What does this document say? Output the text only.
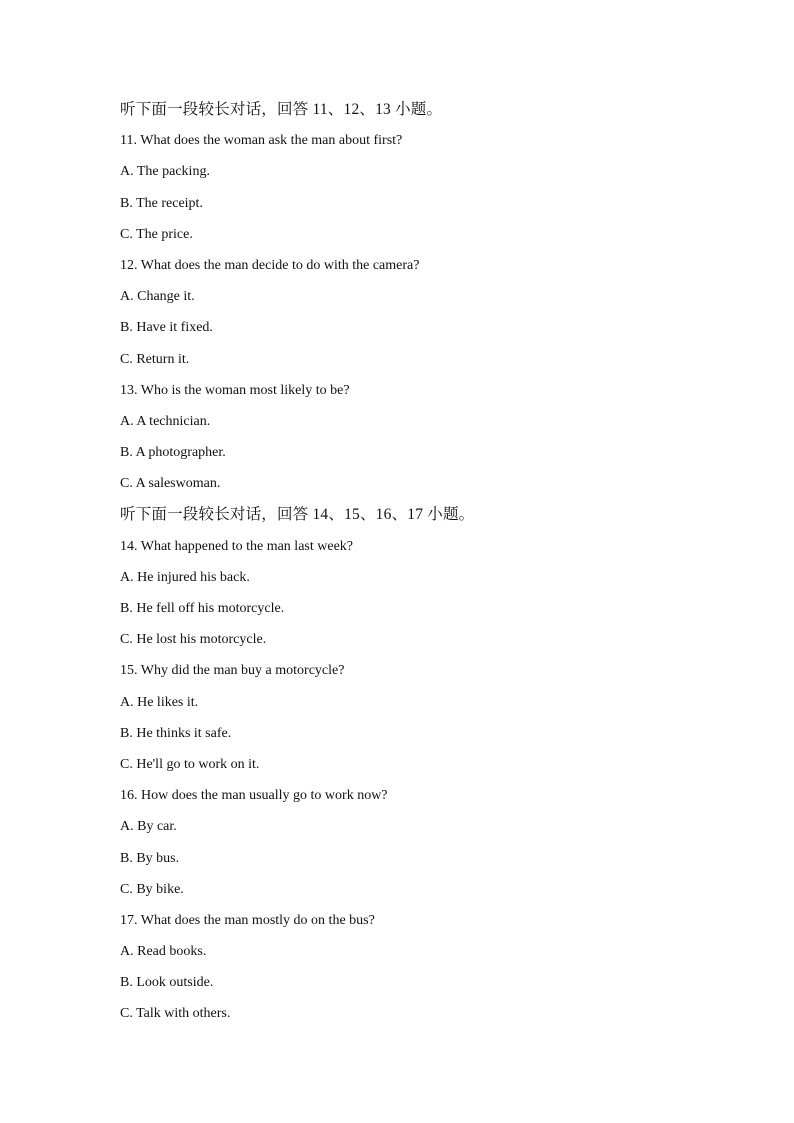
听下面一段较长对话，回答 11、12、13 小题。
11. What does the woman ask the man about first?
A. The packing.
B. The receipt.
C. The price.
12. What does the man decide to do with the camera?
A. Change it.
B. Have it fixed.
C. Return it.
13. Who is the woman most likely to be?
A. A technician.
B. A photographer.
C. A saleswoman.
听下面一段较长对话，回答 14、15、16、17 小题。
14. What happened to the man last week?
A. He injured his back.
B. He fell off his motorcycle.
C. He lost his motorcycle.
15. Why did the man buy a motorcycle?
A. He likes it.
B. He thinks it safe.
C. He'll go to work on it.
16. How does the man usually go to work now?
A. By car.
B. By bus.
C. By bike.
17. What does the man mostly do on the bus?
A. Read books.
B. Look outside.
C. Talk with others.
